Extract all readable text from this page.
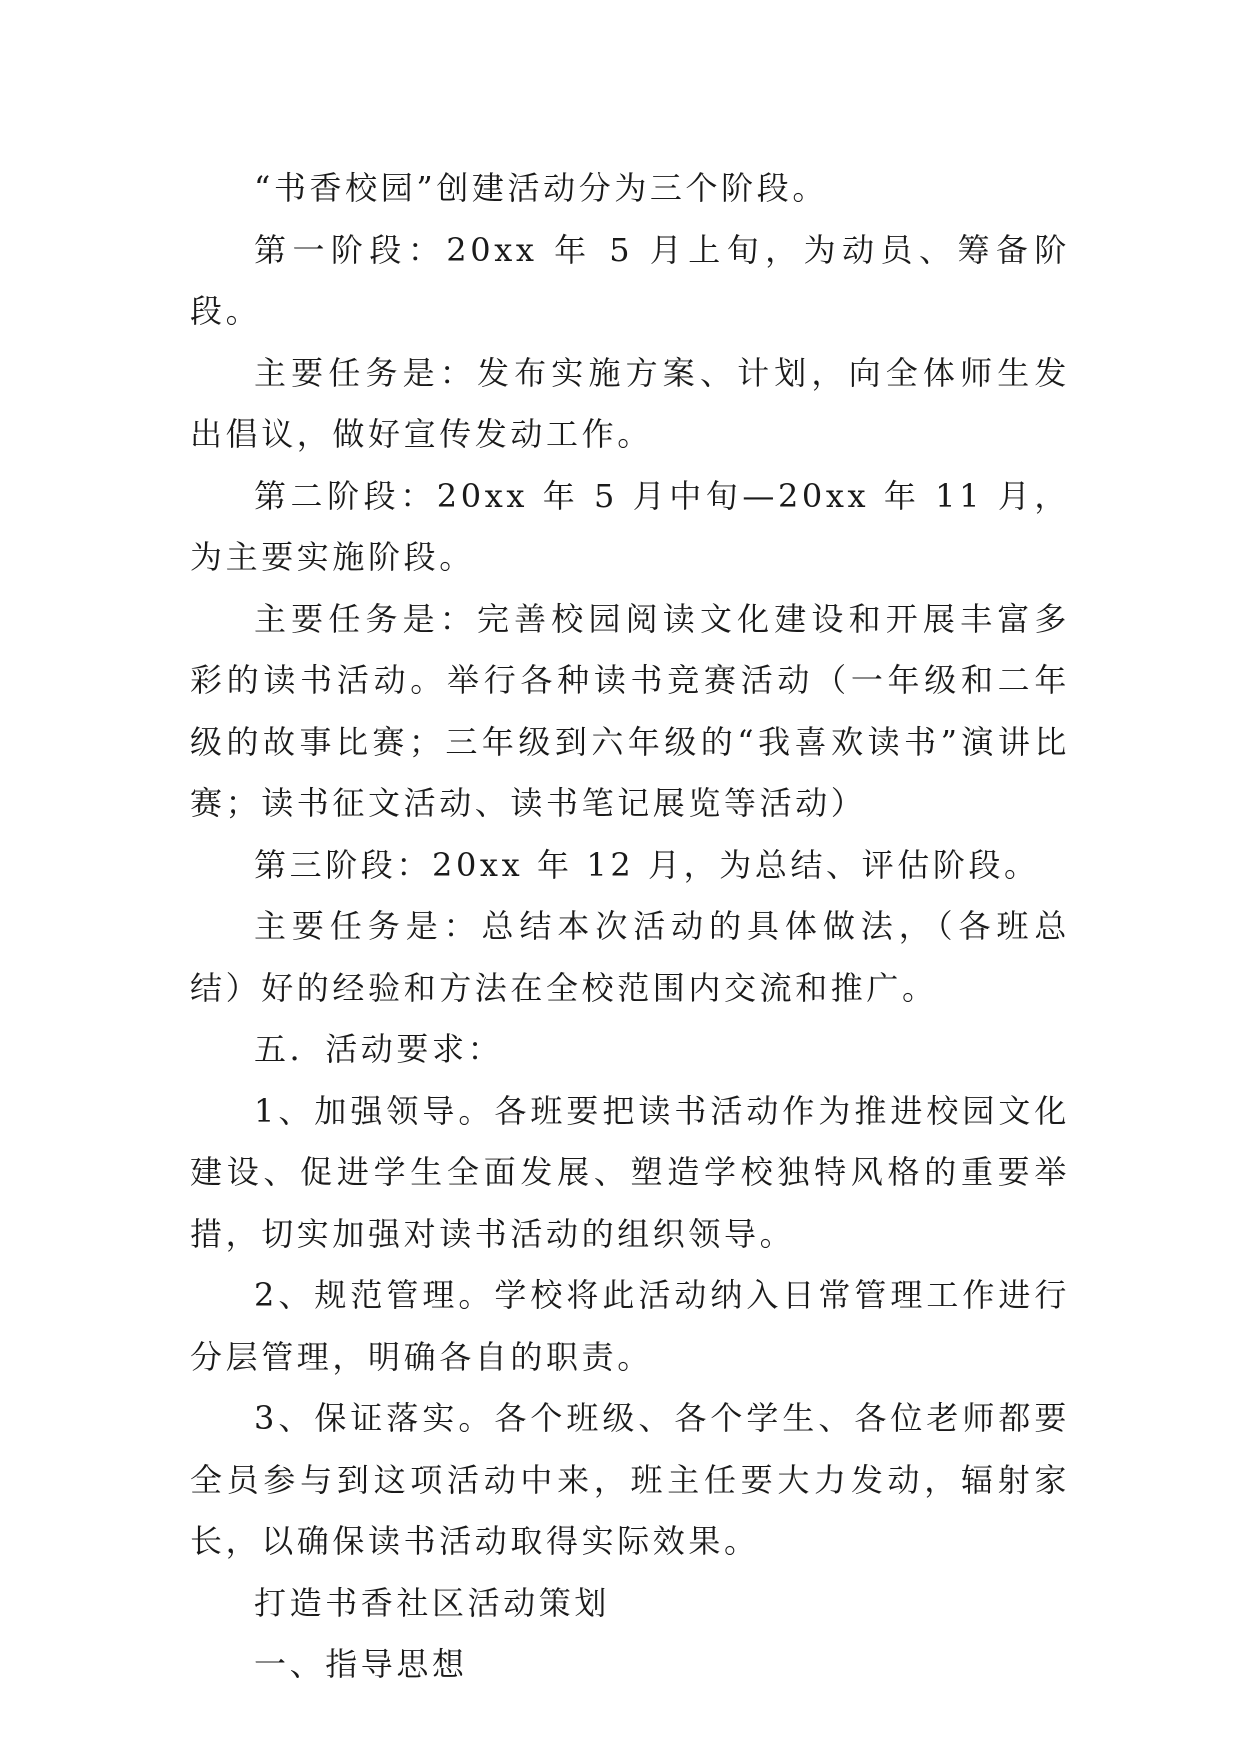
“书香校园”创建活动分为三个阶段。

第一阶段：20xx 年 5 月上旬，为动员、筹备阶段。

主要任务是：发布实施方案、计划，向全体师生发出倡议，做好宣传发动工作。

第二阶段：20xx 年 5 月中旬—20xx 年 11 月，为主要实施阶段。

主要任务是：完善校园阅读文化建设和开展丰富多彩的读书活动。举行各种读书竞赛活动（一年级和二年级的故事比赛；三年级到六年级的“我喜欢读书”演讲比赛；读书征文活动、读书笔记展览等活动）

第三阶段：20xx 年 12 月，为总结、评估阶段。

主要任务是：总结本次活动的具体做法，（各班总结）好的经验和方法在全校范围内交流和推广。

五．活动要求：

1、加强领导。各班要把读书活动作为推进校园文化建设、促进学生全面发展、塑造学校独特风格的重要举措，切实加强对读书活动的组织领导。

2、规范管理。学校将此活动纳入日常管理工作进行分层管理，明确各自的职责。

3、保证落实。各个班级、各个学生、各位老师都要全员参与到这项活动中来，班主任要大力发动，辐射家长，以确保读书活动取得实际效果。

打造书香社区活动策划

一、指导思想
